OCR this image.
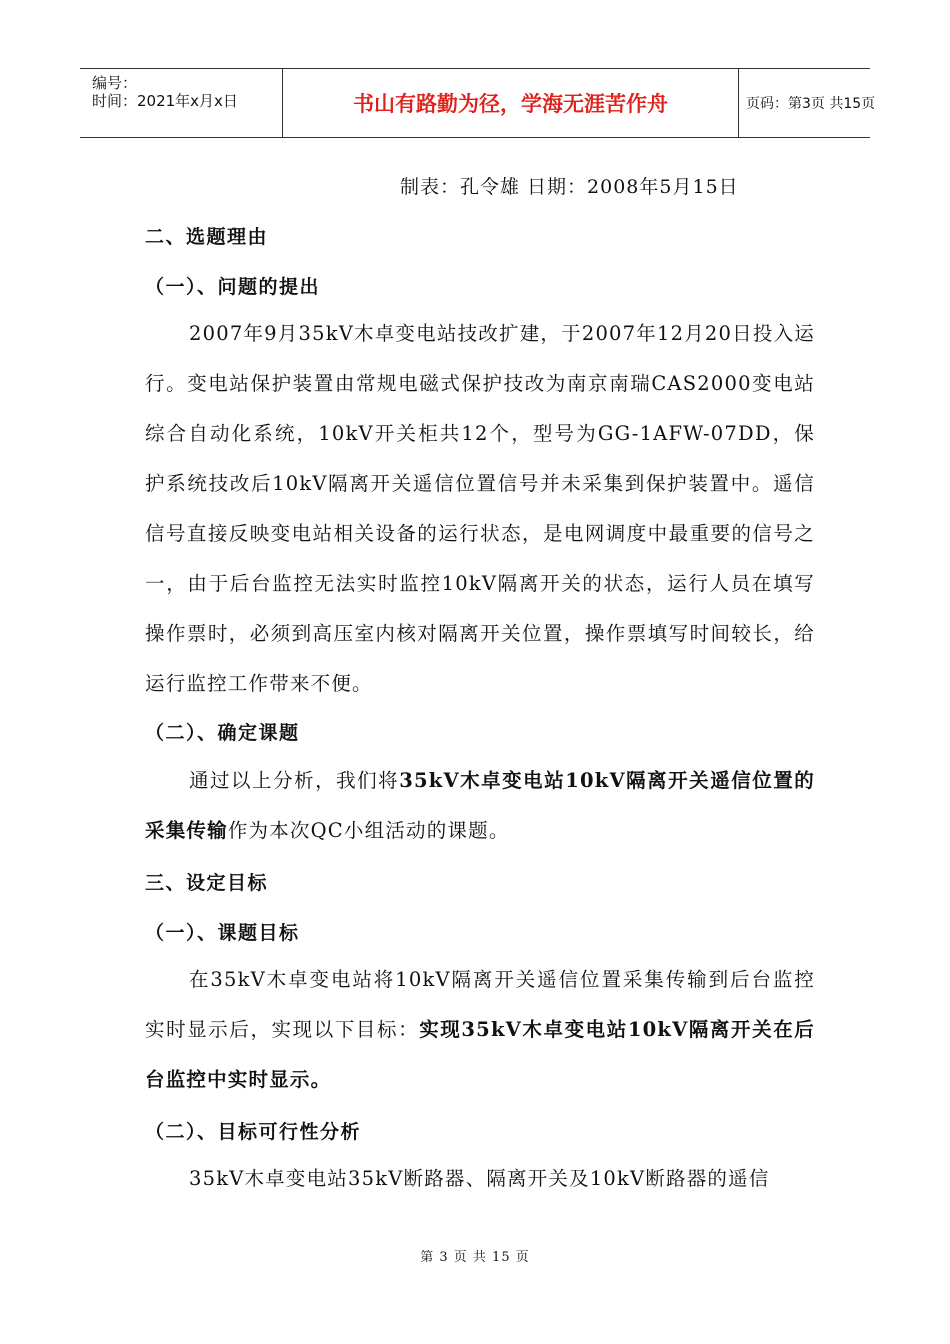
编号：
时间：2021年x月x日	书山有路勤为径，学海无涯苦作舟	页码：第3页 共15页
制表：孔令雄 日期：2008年5月15日
二、选题理由
（一）、问题的提出

2007年9月35kV木卓变电站技改扩建，于2007年12月20日投入运行。变电站保护装置由常规电磁式保护技改为南京南瑞CAS2000变电站综合自动化系统，10kV开关柜共12个，型号为GG-1AFW-07DD，保护系统技改后10kV隔离开关遥信位置信号并未采集到保护装置中。遥信信号直接反映变电站相关设备的运行状态，是电网调度中最重要的信号之一，由于后台监控无法实时监控10kV隔离开关的状态，运行人员在填写操作票时，必须到高压室内核对隔离开关位置，操作票填写时间较长，给运行监控工作带来不便。

（二）、确定课题

通过以上分析，我们将35kV木卓变电站10kV隔离开关遥信位置的采集传输作为本次QC小组活动的课题。

三、设定目标
（一）、课题目标

在35kV木卓变电站将10kV隔离开关遥信位置采集传输到后台监控实时显示后，实现以下目标：实现35kV木卓变电站10kV隔离开关在后台监控中实时显示。

（二）、目标可行性分析

35kV木卓变电站35kV断路器、隔离开关及10kV断路器的遥信

第 3 页 共 15 页
